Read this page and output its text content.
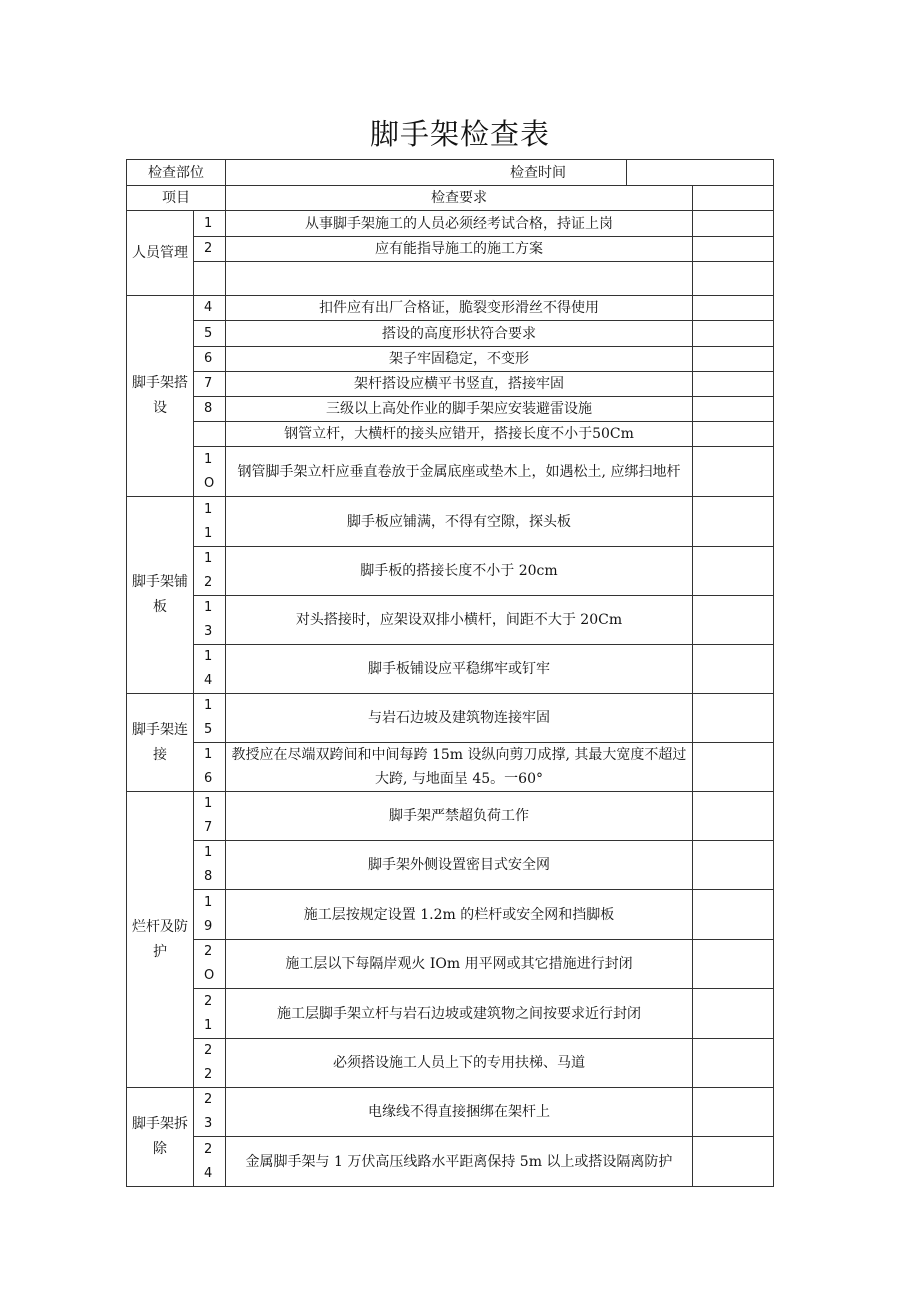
脚手架检查表
检查部位		检查时间		
项目		检查要求		
人员管理	1	从事脚手架施工的人员必须经考试合格，持证上岗		
	2	应有能指导施工的施工方案		

脚手架搭设	4	扣件应有出厂合格证，脆裂变形滑丝不得使用		
	5	搭设的高度形状符合要求		
	6	架子牢固稳定，不变形		
	7	架杆搭设应横平书竖直，搭接牢固		
	8	三级以上高处作业的脚手架应安装避雷设施		
		钢管立杆，大横杆的接头应错开，搭接长度不小于50Cm		
	1O	钢管脚手架立杆应垂直卷放于金属底座或垫木上，如遇松土, 应绑扫地杆		
脚手架铺板	11	脚手板应铺满，不得有空隙，探头板		
	12	脚手板的搭接长度不小于 20cm		
	13	对头搭接时，应架设双排小横杆，间距不大于 20Cm		
	14	脚手板铺设应平稳绑牢或钉牢		
脚手架连接	15	与岩石边坡及建筑物连接牢固		
	16	教授应在尽端双跨间和中间每跨 15m 设纵向剪刀成撑, 其最大宽度不超过大跨, 与地面呈 45。一60°		
烂杆及防护	17	脚手架严禁超负荷工作		
	18	脚手架外侧设置密目式安全网		
	19	施工层按规定设置 1.2m 的栏杆或安全网和挡脚板		
	2O	施工层以下每隔岸观火 IOm 用平网或其它措施进行封闭		
	21	施工层脚手架立杆与岩石边坡或建筑物之间按要求近行封闭		
	22	必须搭设施工人员上下的专用扶梯、马道		
脚手架拆除	23	电缘线不得直接捆绑在架杆上		
	24	金属脚手架与 1 万伏高压线路水平距离保持 5m 以上或搭设隔离防护		
